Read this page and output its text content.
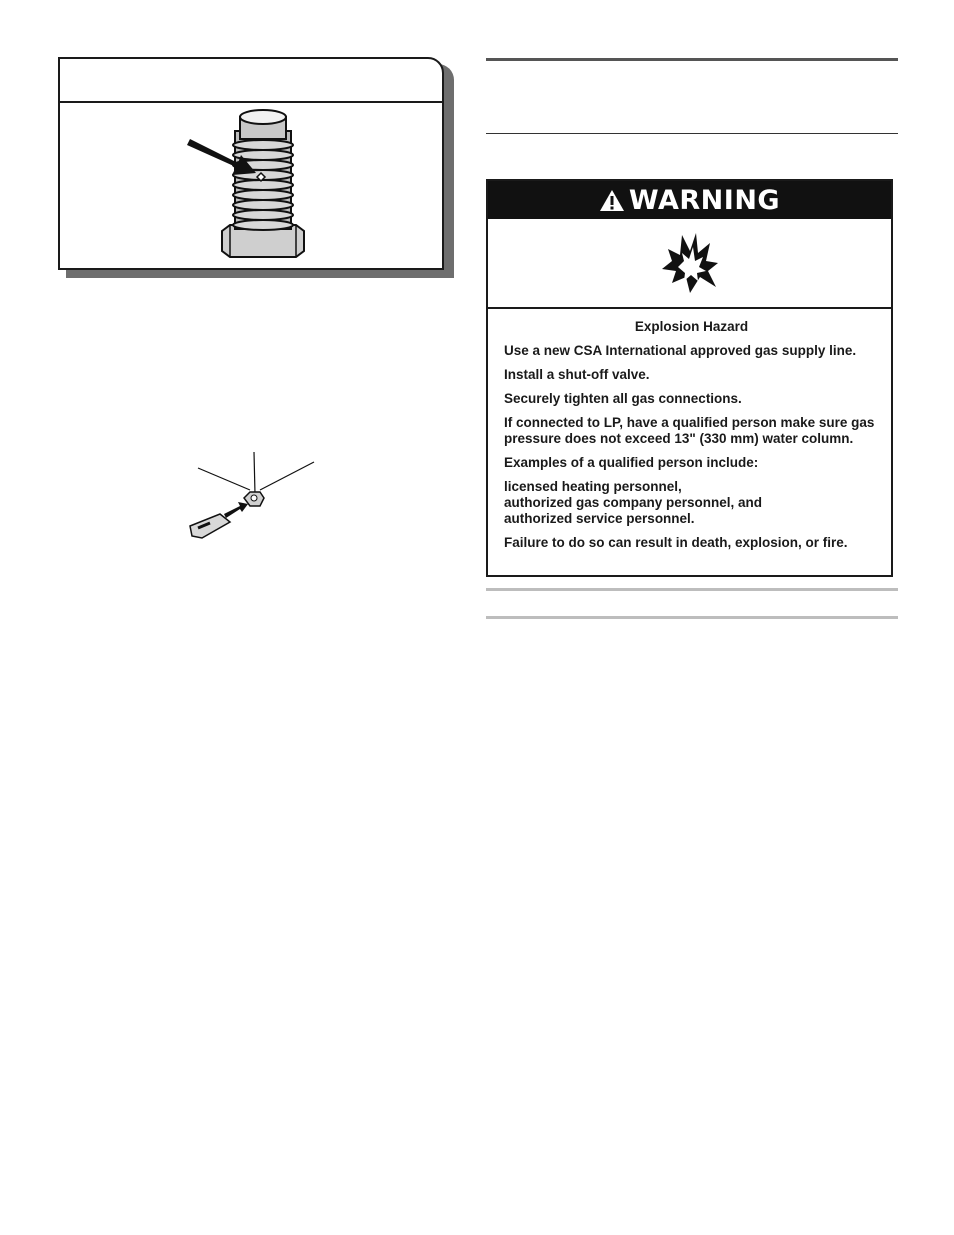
WARNING
Explosion Hazard

Use a new CSA International approved gas supply line.

Install a shut-off valve.

Securely tighten all gas connections.

If connected to LP, have a qualified person make sure gas pressure does not exceed 13" (330 mm) water column.

Examples of a qualified person include:

licensed heating personnel,

authorized gas company personnel, and

authorized service personnel.

Failure to do so can result in death, explosion, or fire.
